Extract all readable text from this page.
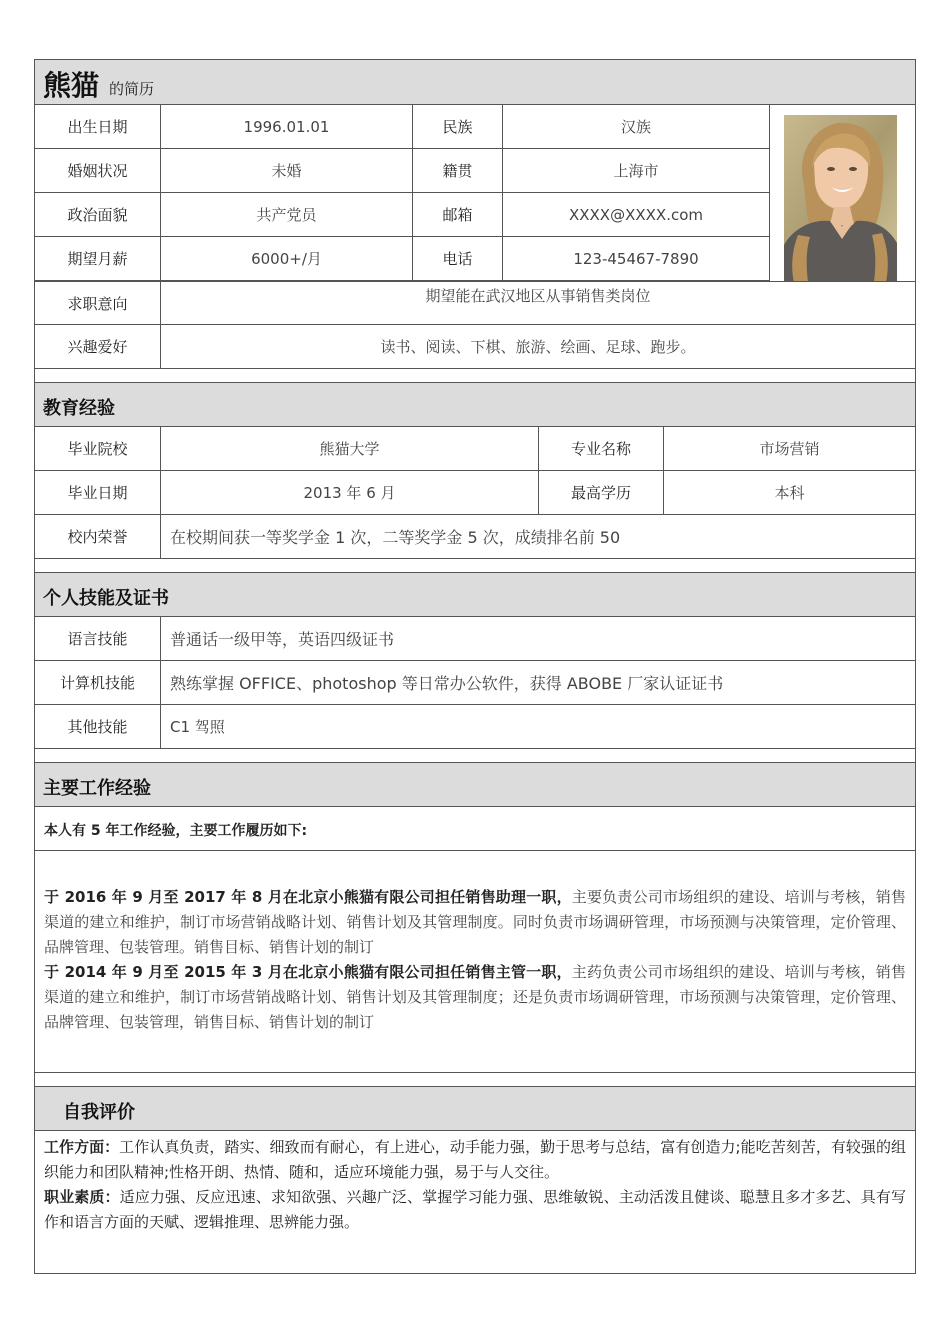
熊猫 的简历
出生日期	1996.01.01	民族	汉族
婚姻状况	未婚	籍贯	上海市
政治面貌	共产党员	邮箱	XXXX@XXXX.com
期望月薪	6000+/月	电话	123-45467-7890
求职意向	期望能在武汉地区从事销售类岗位
兴趣爱好	读书、阅读、下棋、旅游、绘画、足球、跑步。
教育经验
毕业院校	熊猫大学	专业名称	市场营销
毕业日期	2013 年 6 月	最高学历	本科
校内荣誉	在校期间获一等奖学金 1 次，二等奖学金 5 次，成绩排名前 50
个人技能及证书
语言技能	普通话一级甲等，英语四级证书
计算机技能	熟练掌握 OFFICE、photoshop 等日常办公软件，获得 ABOBE 厂家认证证书
其他技能	C1 驾照
主要工作经验
本人有 5 年工作经验，主要工作履历如下:
于 2016 年 9 月至 2017 年 8 月在北京小熊猫有限公司担任销售助理一职，主要负责公司市场组织的建设、培训与考核，销售渠道的建立和维护，制订市场营销战略计划、销售计划及其管理制度。同时负责市场调研管理，市场预测与决策管理，定价管理、品牌管理、包装管理。销售目标、销售计划的制订
于 2014 年 9 月至 2015 年 3 月在北京小熊猫有限公司担任销售主管一职，主药负责公司市场组织的建设、培训与考核，销售渠道的建立和维护，制订市场营销战略计划、销售计划及其管理制度；还是负责市场调研管理，市场预测与决策管理，定价管理、品牌管理、包装管理，销售目标、销售计划的制订
自我评价
工作方面：工作认真负责，踏实、细致而有耐心，有上进心，动手能力强，勤于思考与总结，富有创造力;能吃苦刻苦，有较强的组织能力和团队精神;性格开朗、热情、随和，适应环境能力强，易于与人交往。
职业素质：适应力强、反应迅速、求知欲强、兴趣广泛、掌握学习能力强、思维敏锐、主动活泼且健谈、聪慧且多才多艺、具有写作和语言方面的天赋、逻辑推理、思辨能力强。
